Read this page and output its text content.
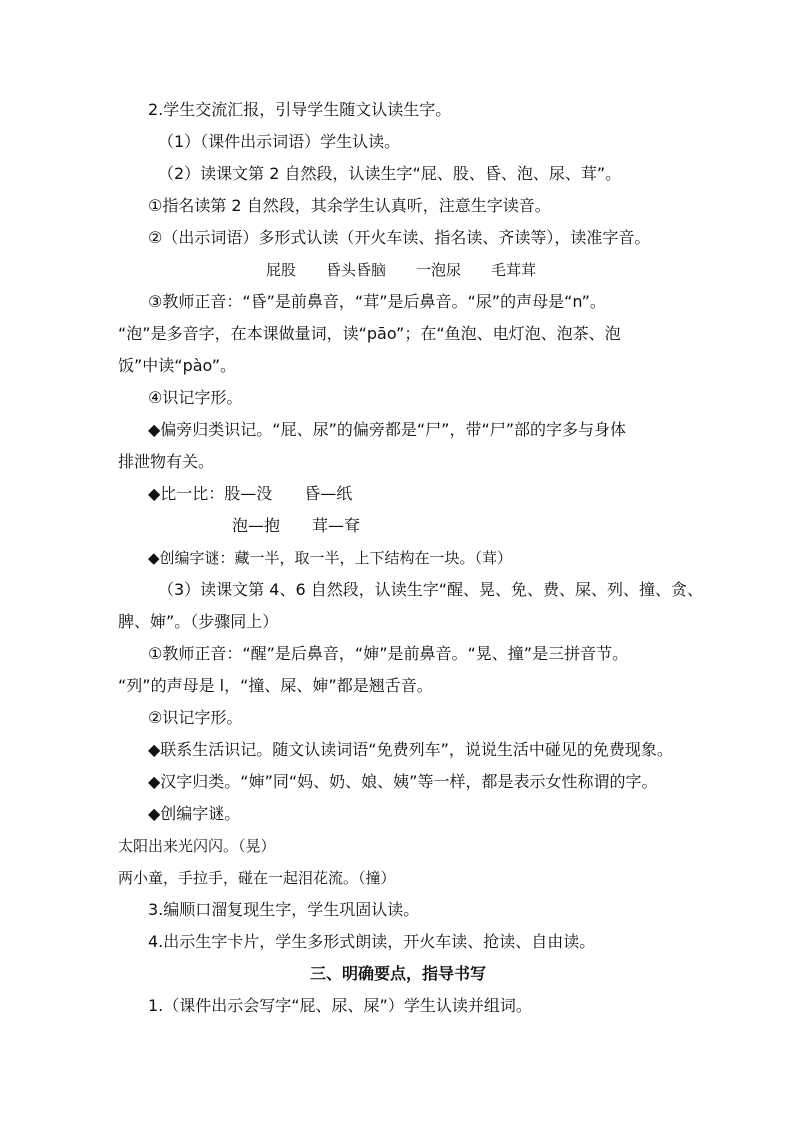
2.学生交流汇报，引导学生随文认读生字。
（1）（课件出示词语）学生认读。
（2）读课文第 2 自然段，认读生字“屁、股、昏、泡、尿、茸”。
①指名读第 2 自然段，其余学生认真听，注意生字读音。
②（出示词语）多形式认读（开火车读、指名读、齐读等），读准字音。
屁股　　昏头昏脑　　一泡尿　　毛茸茸
③教师正音：“昏”是前鼻音，“茸”是后鼻音。“尿”的声母是“n”。
“泡”是多音字，在本课做量词，读“pāo”；在“鱼泡、电灯泡、泡茶、泡
饭”中读“pào”。
④识记字形。
◆偏旁归类识记。“屁、尿”的偏旁都是“尸”，带“尸”部的字多与身体
排泄物有关。
◆比一比：股—没　　昏—纸
泡—抱　　茸—耷
◆创编字谜：藏一半，取一半，上下结构在一块。（茸）
（3）读课文第 4、6 自然段，认读生字“醒、晃、免、费、屎、列、撞、贪、
脾、婶”。（步骤同上）
①教师正音：“醒”是后鼻音，“婶”是前鼻音。“晃、撞”是三拼音节。
“列”的声母是 l，“撞、屎、婶”都是翘舌音。
②识记字形。
◆联系生活识记。随文认读词语“免费列车”，说说生活中碰见的免费现象。
◆汉字归类。“婶”同“妈、奶、娘、姨”等一样，都是表示女性称谓的字。
◆创编字谜。
太阳出来光闪闪。（晃）
两小童，手拉手，碰在一起泪花流。（撞）
3.编顺口溜复现生字，学生巩固认读。
4.出示生字卡片，学生多形式朗读，开火车读、抢读、自由读。
三、明确要点，指导书写
1.（课件出示会写字“屁、尿、屎”）学生认读并组词。
